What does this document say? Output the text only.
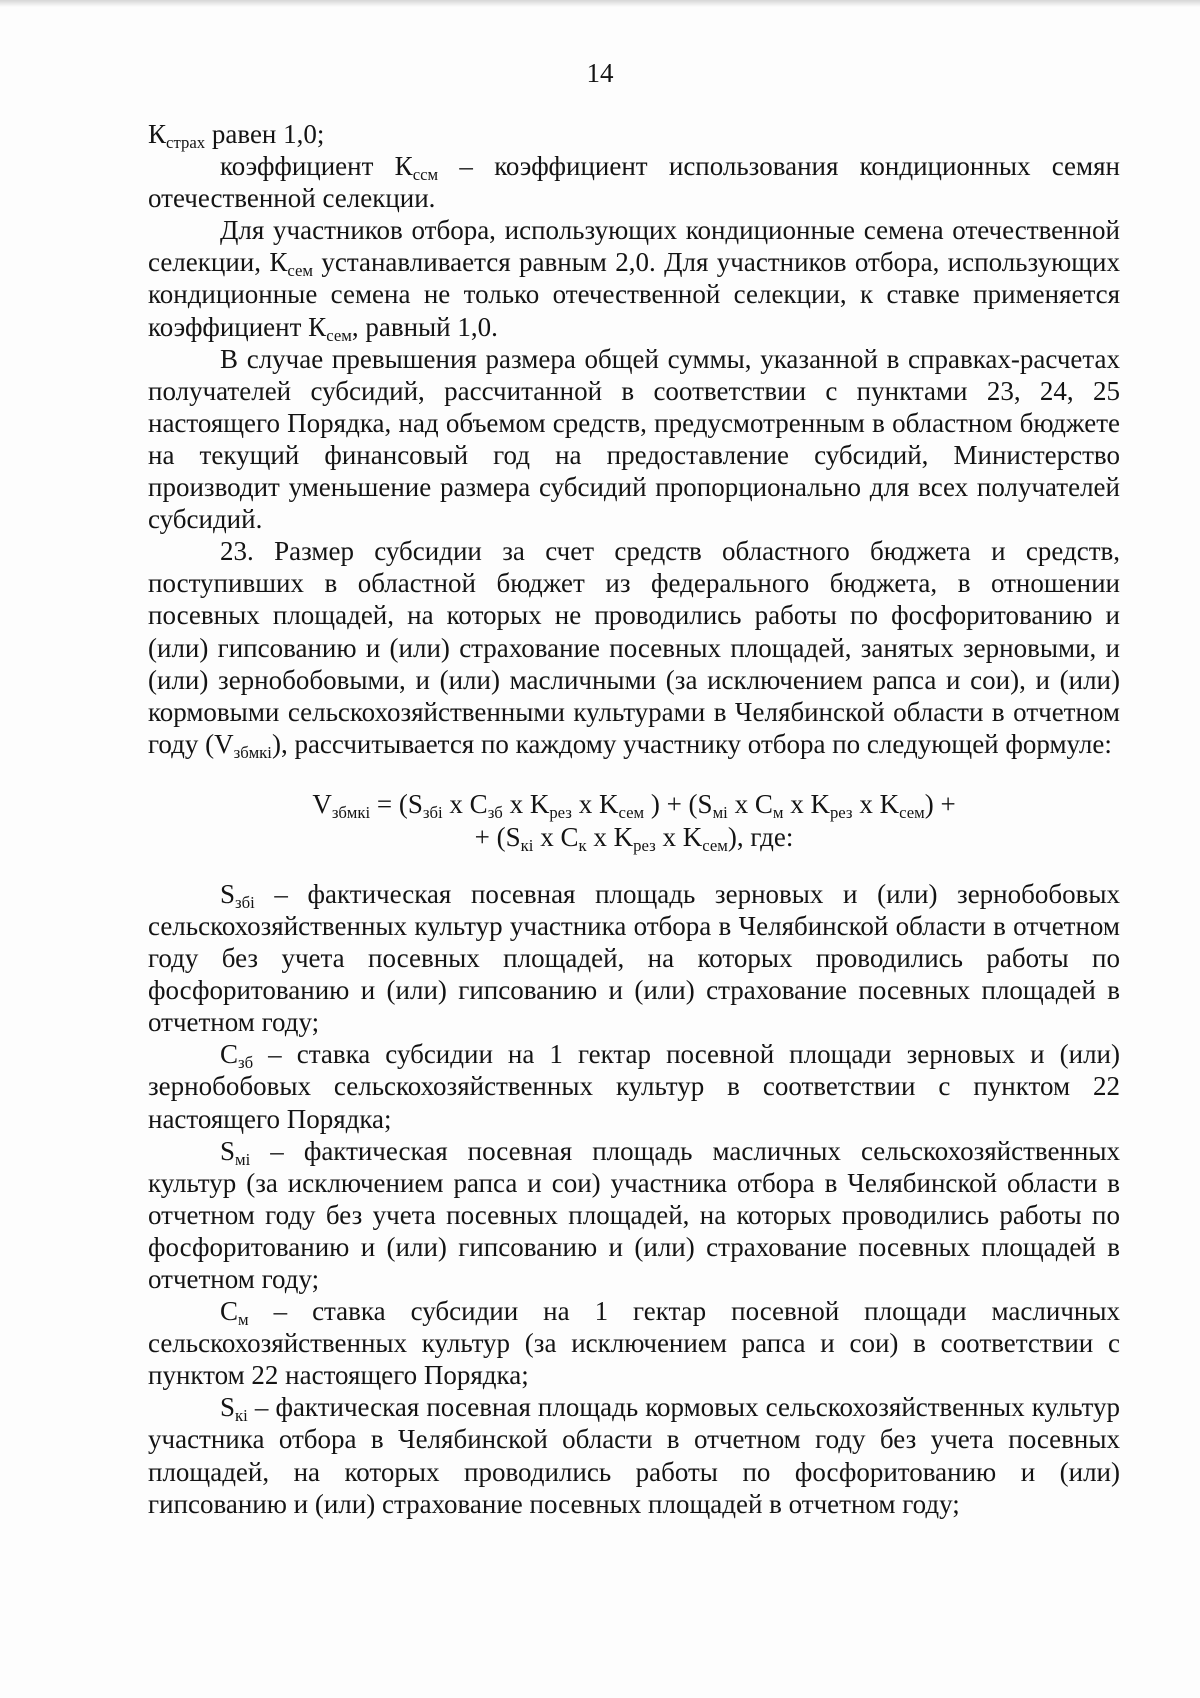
14

$К_{страх}$ равен 1,0;

коэффициент $К_{ссм}$ – коэффициент использования кондиционных семян отечественной селекции.

Для участников отбора, использующих кондиционные семена отечественной селекции, $К_{сем}$ устанавливается равным 2,0. Для участников отбора, использующих кондиционные семена не только отечественной селекции, к ставке применяется коэффициент $К_{сем}$, равный 1,0.

В случае превышения размера общей суммы, указанной в справках-расчетах получателей субсидий, рассчитанной в соответствии с пунктами 23, 24, 25 настоящего Порядка, над объемом средств, предусмотренным в областном бюджете на текущий финансовый год на предоставление субсидий, Министерство производит уменьшение размера субсидий пропорционально для всех получателей субсидий.

23. Размер субсидии за счет средств областного бюджета и средств, поступивших в областной бюджет из федерального бюджета, в отношении посевных площадей, на которых не проводились работы по фосфоритованию и (или) гипсованию и (или) страхование посевных площадей, занятых зерновыми, и (или) зернобобовыми, и (или) масличными (за исключением рапса и сои), и (или) кормовыми сельскохозяйственными культурами в Челябинской области в отчетном году $(V_{збмкi})$, рассчитывается по каждому участнику отбора по следующей формуле:

$V_{збмкi} = (S_{збi}$ x $C_{зб}$ x $K_{рез}$ x $K_{сем}$ ) + ($S_{мi}$ x $C_м$ x $K_{рез}$ x $K_{сем}$) +
+ ($S_{кi}$ x $C_к$ x $K_{рез}$ x $K_{сем}$), где:

$S_{збi}$ – фактическая посевная площадь зерновых и (или) зернобобовых сельскохозяйственных культур участника отбора в Челябинской области в отчетном году без учета посевных площадей, на которых проводились работы по фосфоритованию и (или) гипсованию и (или) страхование посевных площадей в отчетном году;

$C_{зб}$ – ставка субсидии на 1 гектар посевной площади зерновых и (или) зернобобовых сельскохозяйственных культур в соответствии с пунктом 22 настоящего Порядка;

$S_{мi}$ – фактическая посевная площадь масличных сельскохозяйственных культур (за исключением рапса и сои) участника отбора в Челябинской области в отчетном году без учета посевных площадей, на которых проводились работы по фосфоритованию и (или) гипсованию и (или) страхование посевных площадей в отчетном году;

$C_м$ – ставка субсидии на 1 гектар посевной площади масличных сельскохозяйственных культур (за исключением рапса и сои) в соответствии с пунктом 22 настоящего Порядка;

$S_{кi}$ – фактическая посевная площадь кормовых сельскохозяйственных культур участника отбора в Челябинской области в отчетном году без учета посевных площадей, на которых проводились работы по фосфоритованию и (или) гипсованию и (или) страхование посевных площадей в отчетном году;
